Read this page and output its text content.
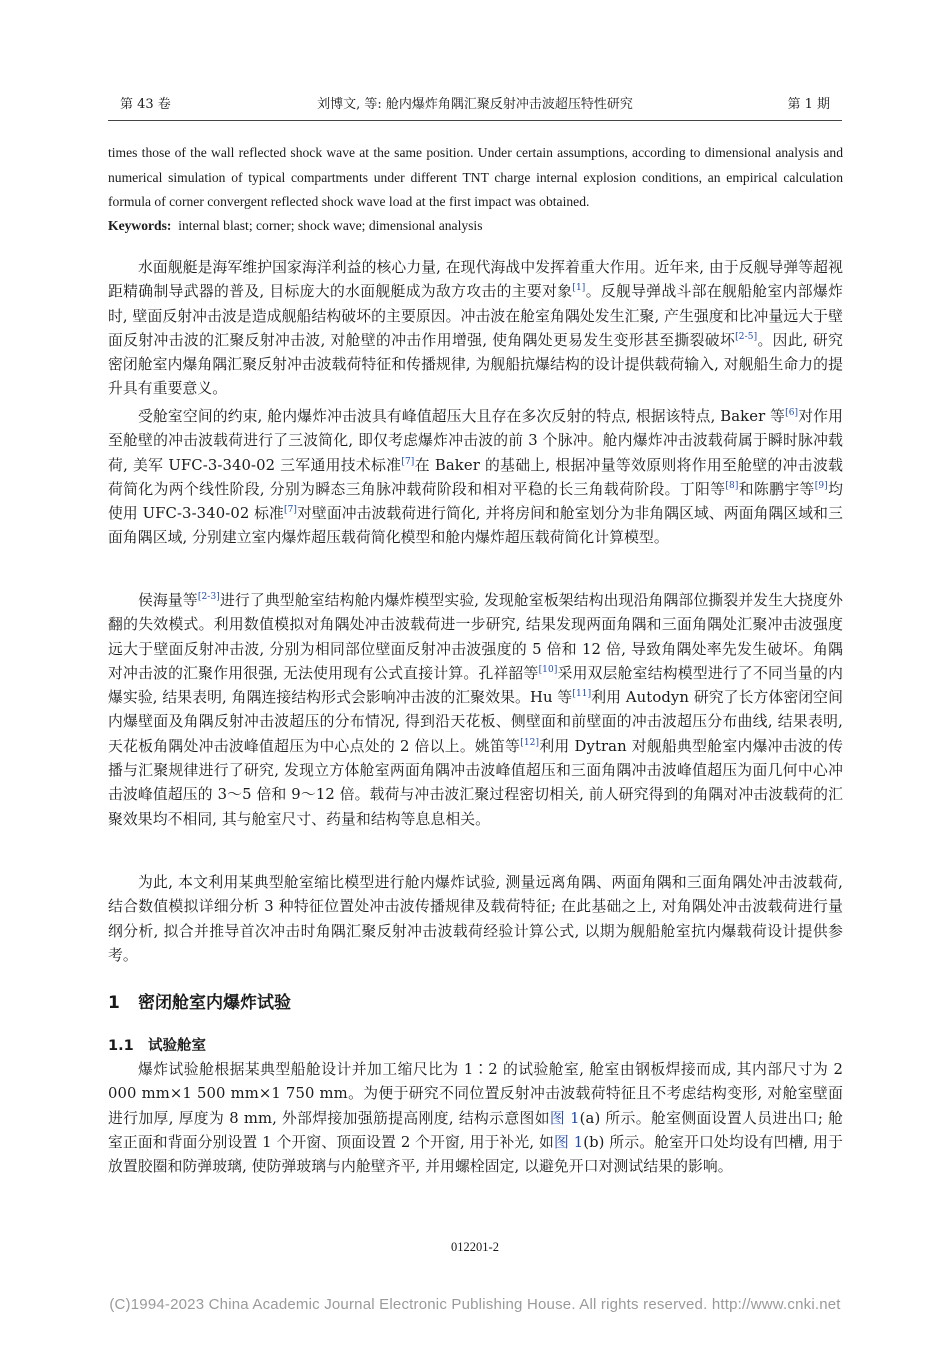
第 43 卷	刘博文, 等: 舱内爆炸角隅汇聚反射冲击波超压特性研究	第 1 期
times those of the wall reflected shock wave at the same position. Under certain assumptions, according to dimensional analysis and numerical simulation of typical compartments under different TNT charge internal explosion conditions, an empirical calculation formula of corner convergent reflected shock wave load at the first impact was obtained.
Keywords: internal blast; corner; shock wave; dimensional analysis

水面舰艇是海军维护国家海洋利益的核心力量, 在现代海战中发挥着重大作用。近年来, 由于反舰导弹等超视距精确制导武器的普及, 目标庞大的水面舰艇成为敌方攻击的主要对象[1]。反舰导弹战斗部在舰船舱室内部爆炸时, 壁面反射冲击波是造成舰船结构破坏的主要原因。冲击波在舱室角隅处发生汇聚, 产生强度和比冲量远大于壁面反射冲击波的汇聚反射冲击波, 对舱壁的冲击作用增强, 使角隅处更易发生变形甚至撕裂破坏[2-5]。因此, 研究密闭舱室内爆角隅汇聚反射冲击波载荷特征和传播规律, 为舰船抗爆结构的设计提供载荷输入, 对舰船生命力的提升具有重要意义。

受舱室空间的约束, 舱内爆炸冲击波具有峰值超压大且存在多次反射的特点, 根据该特点, Baker 等[6]对作用至舱壁的冲击波载荷进行了三波简化, 即仅考虑爆炸冲击波的前 3 个脉冲。舱内爆炸冲击波载荷属于瞬时脉冲载荷, 美军 UFC-3-340-02 三军通用技术标准[7]在 Baker 的基础上, 根据冲量等效原则将作用至舱壁的冲击波载荷简化为两个线性阶段, 分别为瞬态三角脉冲载荷阶段和相对平稳的长三角载荷阶段。丁阳等[8]和陈鹏宇等[9]均使用 UFC-3-340-02 标准[7]对壁面冲击波载荷进行简化, 并将房间和舱室划分为非角隅区域、两面角隅区域和三面角隅区域, 分别建立室内爆炸超压载荷简化模型和舱内爆炸超压载荷简化计算模型。

侯海量等[2-3]进行了典型舱室结构舱内爆炸模型实验, 发现舱室板架结构出现沿角隅部位撕裂并发生大挠度外翻的失效模式。利用数值模拟对角隅处冲击波载荷进一步研究, 结果发现两面角隅和三面角隅处汇聚冲击波强度远大于壁面反射冲击波, 分别为相同部位壁面反射冲击波强度的 5 倍和 12 倍, 导致角隅处率先发生破坏。角隅对冲击波的汇聚作用很强, 无法使用现有公式直接计算。孔祥韶等[10]采用双层舱室结构模型进行了不同当量的内爆实验, 结果表明, 角隅连接结构形式会影响冲击波的汇聚效果。Hu 等[11]利用 Autodyn 研究了长方体密闭空间内爆壁面及角隅反射冲击波超压的分布情况, 得到沿天花板、侧壁面和前壁面的冲击波超压分布曲线, 结果表明, 天花板角隅处冲击波峰值超压为中心点处的 2 倍以上。姚笛等[12]利用 Dytran 对舰船典型舱室内爆冲击波的传播与汇聚规律进行了研究, 发现立方体舱室两面角隅冲击波峰值超压和三面角隅冲击波峰值超压为面几何中心冲击波峰值超压的 3～5 倍和 9～12 倍。载荷与冲击波汇聚过程密切相关, 前人研究得到的角隅对冲击波载荷的汇聚效果均不相同, 其与舱室尺寸、药量和结构等息息相关。

为此, 本文利用某典型舱室缩比模型进行舱内爆炸试验, 测量远离角隅、两面角隅和三面角隅处冲击波载荷, 结合数值模拟详细分析 3 种特征位置处冲击波传播规律及载荷特征; 在此基础之上, 对角隅处冲击波载荷进行量纲分析, 拟合并推导首次冲击时角隅汇聚反射冲击波载荷经验计算公式, 以期为舰船舱室抗内爆载荷设计提供参考。

1 密闭舱室内爆炸试验
1.1 试验舱室

爆炸试验舱根据某典型船舱设计并加工缩尺比为 1∶2 的试验舱室, 舱室由钢板焊接而成, 其内部尺寸为 2 000 mm×1 500 mm×1 750 mm。为便于研究不同位置反射冲击波载荷特征且不考虑结构变形, 对舱室壁面进行加厚, 厚度为 8 mm, 外部焊接加强筋提高刚度, 结构示意图如图 1(a) 所示。舱室侧面设置人员进出口; 舱室正面和背面分别设置 1 个开窗、顶面设置 2 个开窗, 用于补光, 如图 1(b) 所示。舱室开口处均设有凹槽, 用于放置胶圈和防弹玻璃, 使防弹玻璃与内舱壁齐平, 并用螺栓固定, 以避免开口对测试结果的影响。

012201-2
(C)1994-2023 China Academic Journal Electronic Publishing House. All rights reserved. http://www.cnki.net
